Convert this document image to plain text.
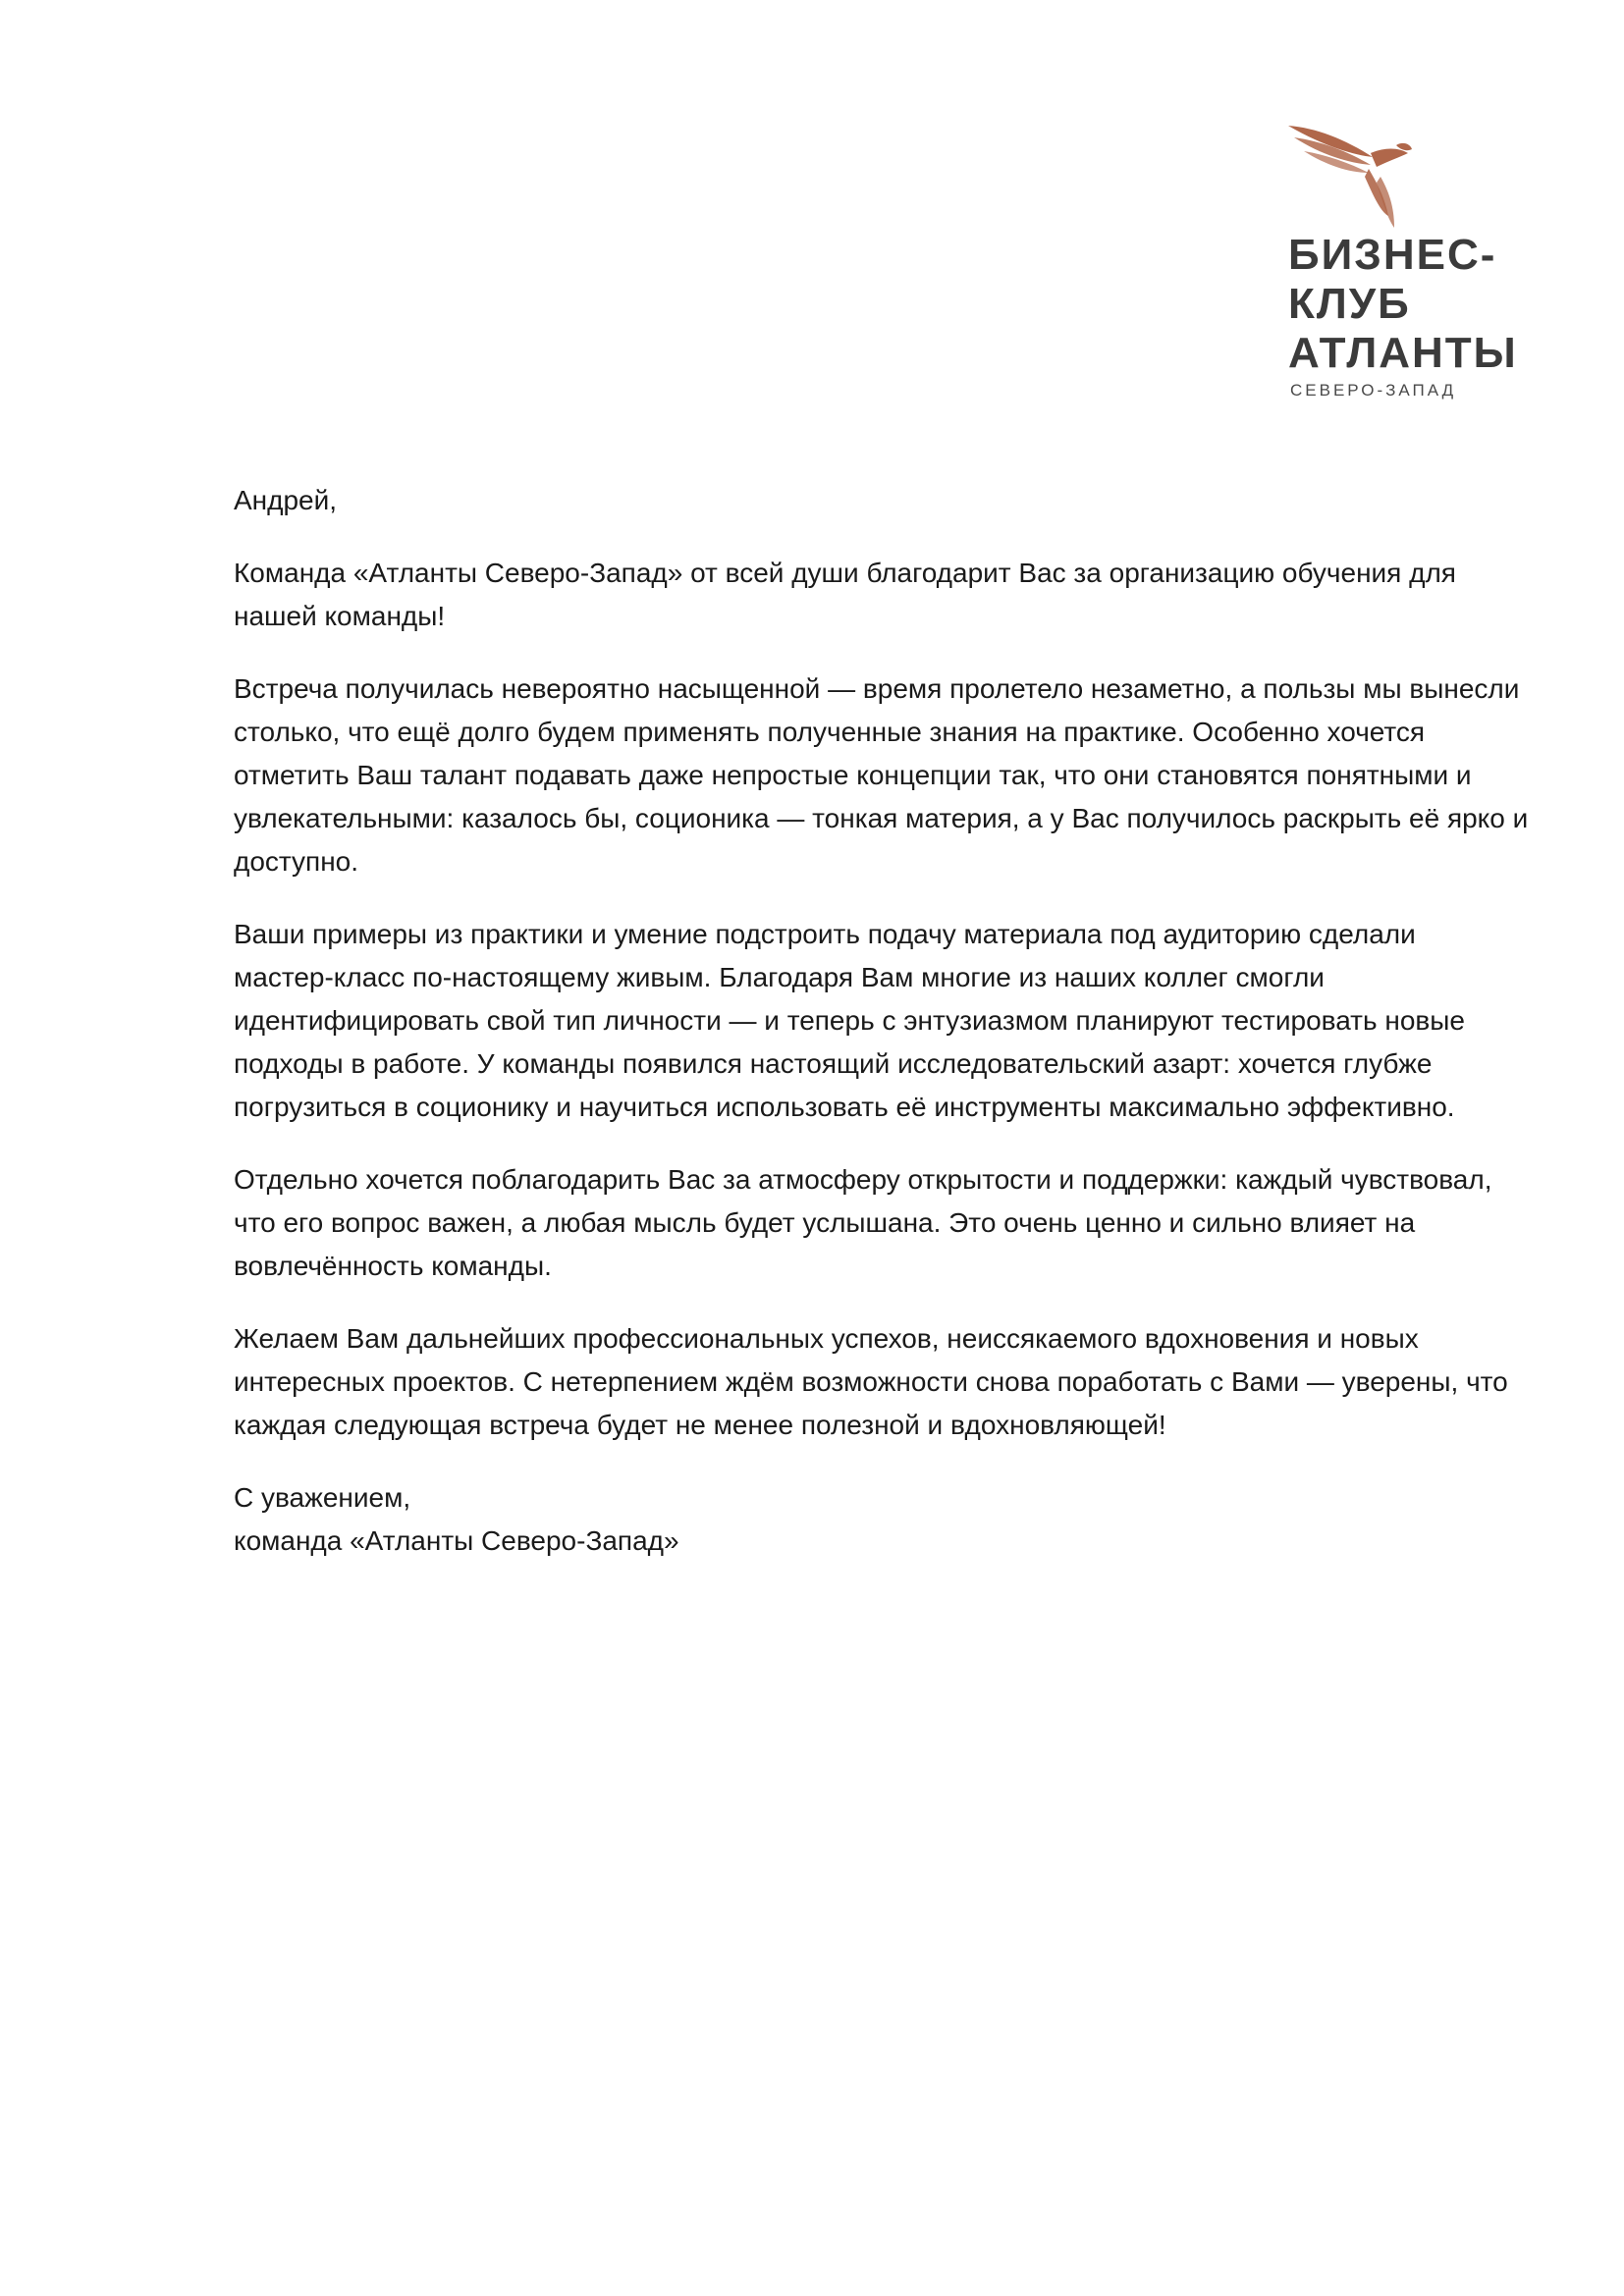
БИЗНЕС-
КЛУБ
АТЛАНТЫ
СЕВЕРО-ЗАПАД

Андрей,

Команда «Атланты Северо‑Запад» от всей души благодарит Вас за организацию обучения для нашей команды!

Встреча получилась невероятно насыщенной — время пролетело незаметно, а пользы мы вынесли столько, что ещё долго будем применять полученные знания на практике. Особенно хочется отметить Ваш талант подавать даже непростые концепции так, что они становятся понятными и увлекательными: казалось бы, соционика — тонкая материя, а у Вас получилось раскрыть её ярко и доступно.

Ваши примеры из практики и умение подстроить подачу материала под аудиторию сделали мастер‑класс по‑настоящему живым. Благодаря Вам многие из наших коллег смогли идентифицировать свой тип личности — и теперь с энтузиазмом планируют тестировать новые подходы в работе. У команды появился настоящий исследовательский азарт: хочется глубже погрузиться в соционику и научиться использовать её инструменты максимально эффективно.

Отдельно хочется поблагодарить Вас за атмосферу открытости и поддержки: каждый чувствовал, что его вопрос важен, а любая мысль будет услышана. Это очень ценно и сильно влияет на вовлечённость команды.

Желаем Вам дальнейших профессиональных успехов, неиссякаемого вдохновения и новых интересных проектов. С нетерпением ждём возможности снова поработать с Вами — уверены, что каждая следующая встреча будет не менее полезной и вдохновляющей!

С уважением,
команда «Атланты Северо‑Запад»
